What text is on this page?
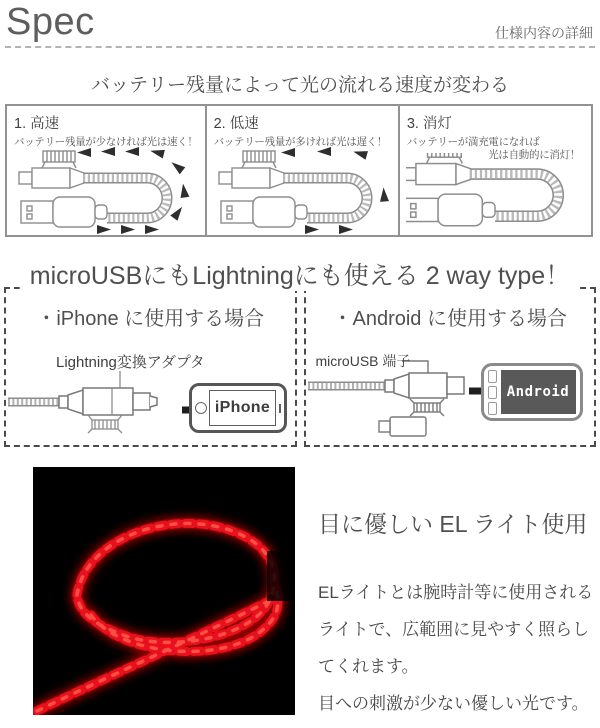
Spec	仕様内容の詳細
バッテリー残量によって光の流れる速度が変わる
1. 高速
バッテリー残量が少なければ光は速く！
2. 低速
バッテリー残量が多ければ光は遅く！
3. 消灯
バッテリーが満充電になれば
光は自動的に消灯！
microUSBにもLightningにも使える 2 way type！
・iPhone に使用する場合
Lightning変換アダプタ
iPhone
・Android に使用する場合
microUSB 端子
Android
目に優しい EL ライト使用
ELライトとは腕時計等に使用される
ライトで、広範囲に見やすく照らし
てくれます。
目への刺激が少ない優しい光です。
